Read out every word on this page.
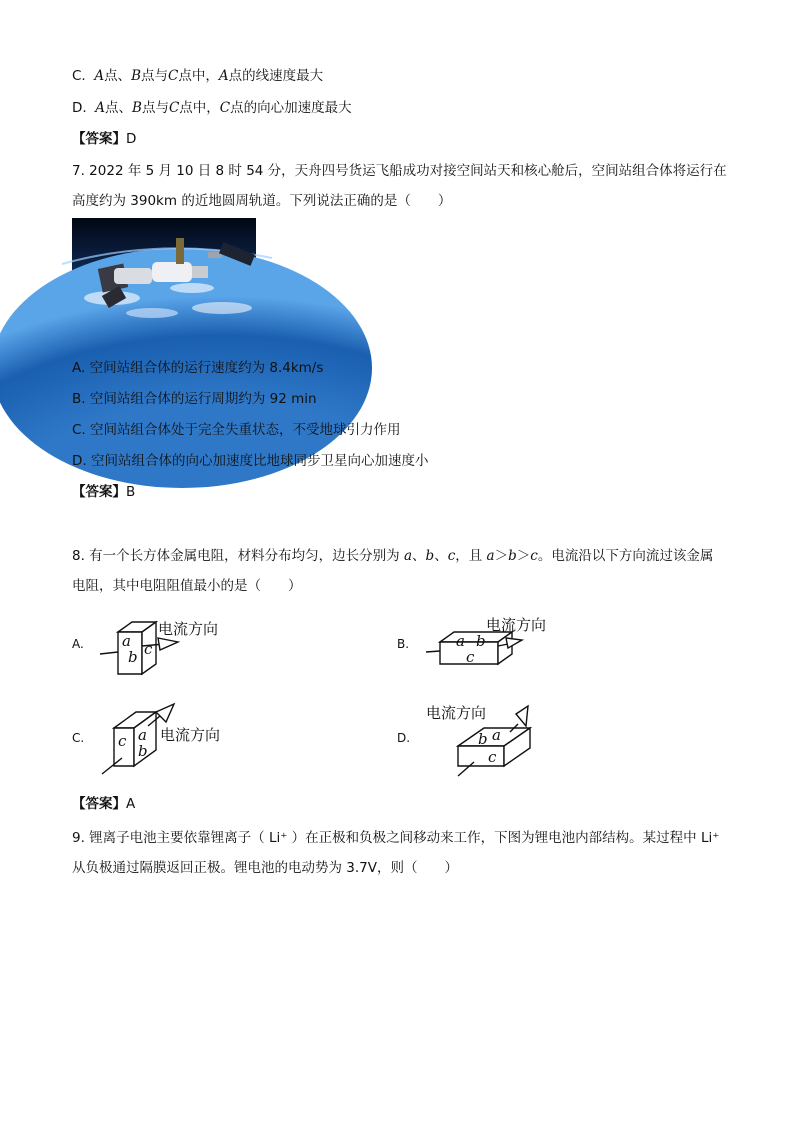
C. A点、B点与C点中，A点的线速度最大
D. A点、B点与C点中，C点的向心加速度最大
【答案】D
7. 2022 年 5 月 10 日 8 时 54 分，天舟四号货运飞船成功对接空间站天和核心舱后，空间站组合体将运行在
高度约为 390km 的近地圆周轨道。下列说法正确的是（　　）
A. 空间站组合体的运行速度约为 8.4km/s
B. 空间站组合体的运行周期约为 92 min
C. 空间站组合体处于完全失重状态，不受地球引力作用
D. 空间站组合体的向心加速度比地球同步卫星向心加速度小
【答案】B
8. 有一个长方体金属电阻，材料分布均匀，边长分别为 a、b、c，且 a＞b＞c。电流沿以下方向流过该金属
电阻，其中电阻阻值最小的是（　　）
A.	a
b c
电流方向
B.	a b
c
电流方向
C. c a
b
电流方向	D.	b a
c
电流方向
【答案】A
9. 锂离子电池主要依靠锂离子（ Li⁺ ）在正极和负极之间移动来工作，下图为锂电池内部结构。某过程中 Li⁺
从负极通过隔膜返回正极。锂电池的电动势为 3.7V，则（　　）
